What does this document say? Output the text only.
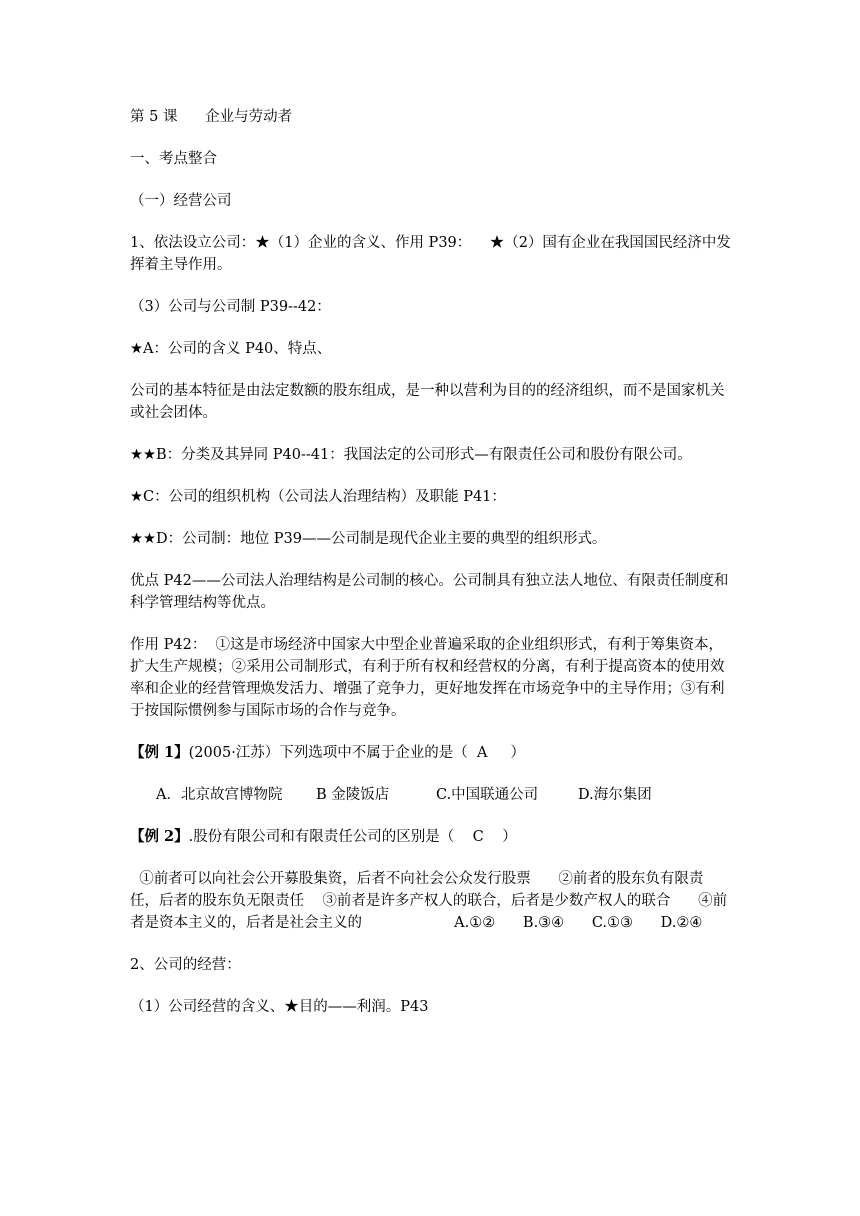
第 5 课      企业与劳动者

一、考点整合

（一）经营公司

1、依法设立公司：★（1）企业的含义、作用 P39：    ★（2）国有企业在我国国民经济中发挥着主导作用。

（3）公司与公司制 P39--42：

★A：公司的含义 P40、特点、

公司的基本特征是由法定数额的股东组成，是一种以营利为目的的经济组织，而不是国家机关或社会团体。

★★B：分类及其异同 P40--41：我国法定的公司形式—有限责任公司和股份有限公司。

★C：公司的组织机构（公司法人治理结构）及职能 P41：

★★D：公司制：地位 P39——公司制是现代企业主要的典型的组织形式。

优点 P42——公司法人治理结构是公司制的核心。公司制具有独立法人地位、有限责任制度和科学管理结构等优点。

作用 P42：  ①这是市场经济中国家大中型企业普遍采取的企业组织形式，有利于筹集资本，扩大生产规模；②采用公司制形式，有利于所有权和经营权的分离，有利于提高资本的使用效率和企业的经营管理焕发活力、增强了竞争力，更好地发挥在市场竞争中的主导作用；③有利于按国际惯例参与国际市场的合作与竞争。

【例 1】(2005·江苏）下列选项中不属于企业的是（  A     ）

A．北京故宫博物院 B 金陵饭店	C.中国联通公司	D.海尔集团

【例 2】.股份有限公司和有限责任公司的区别是（    C    ）

①前者可以向社会公开募股集资，后者不向社会公众发行股票      ②前者的股东负有限责任，后者的股东负无限责任    ③前者是许多产权人的联合，后者是少数产权人的联合      ④前者是资本主义的，后者是社会主义的                    A.①②      B.③④      C.①③      D.②④

2、公司的经营：

（1）公司经营的含义、★目的——利润。P43
